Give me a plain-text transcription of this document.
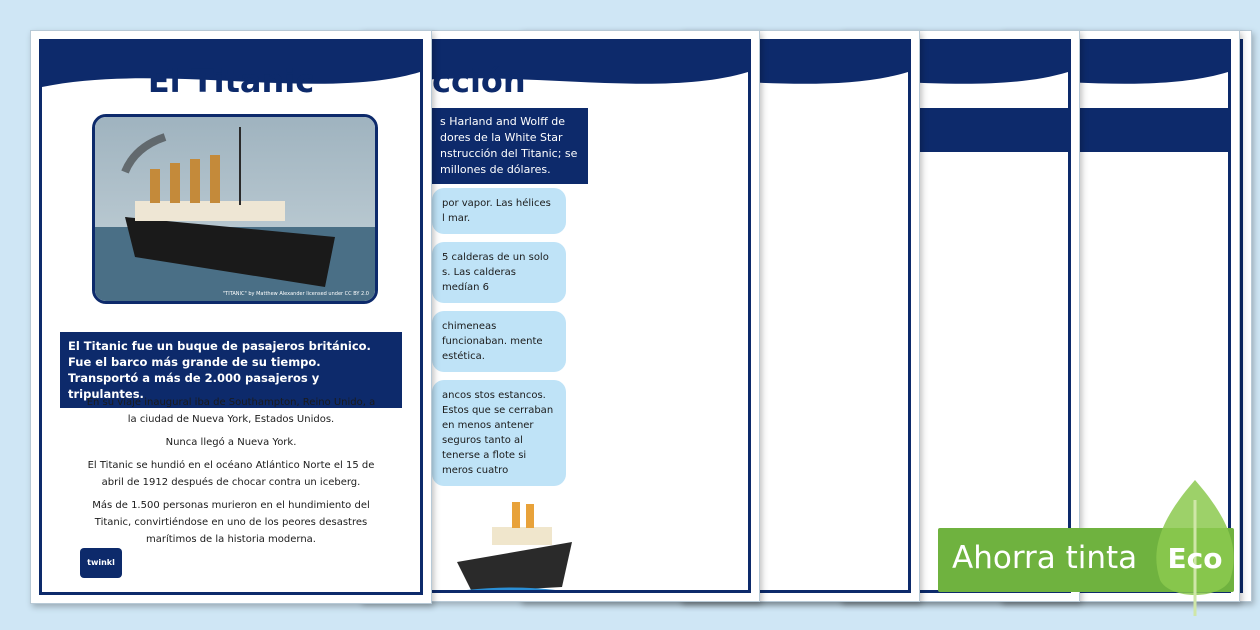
cción
s Harland and Wolff de dores de la White Star nstrucción del Titanic; se millones de dólares.
por vapor. Las hélices l mar.
5 calderas de un solo s. Las calderas medían 6
chimeneas funcionaban. mente estética.
ancos stos estancos. Estos que se cerraban en menos antener seguros tanto al tenerse a flote si meros cuatro
El Titanic
"TITANIC" by Matthew Alexander licensed under CC BY 2.0
El Titanic fue un buque de pasajeros británico. Fue el barco más grande de su tiempo. Transportó a más de 2.000 pasajeros y tripulantes.

En su viaje inaugural iba de Southampton, Reino Unido, a la ciudad de Nueva York, Estados Unidos.

Nunca llegó a Nueva York.

El Titanic se hundió en el océano Atlántico Norte el 15 de abril de 1912 después de chocar contra un iceberg.

Más de 1.500 personas murieron en el hundimiento del Titanic, convirtiéndose en uno de los peores desastres marítimos de la historia moderna.

twinkl	Ahorra tinta Eco
